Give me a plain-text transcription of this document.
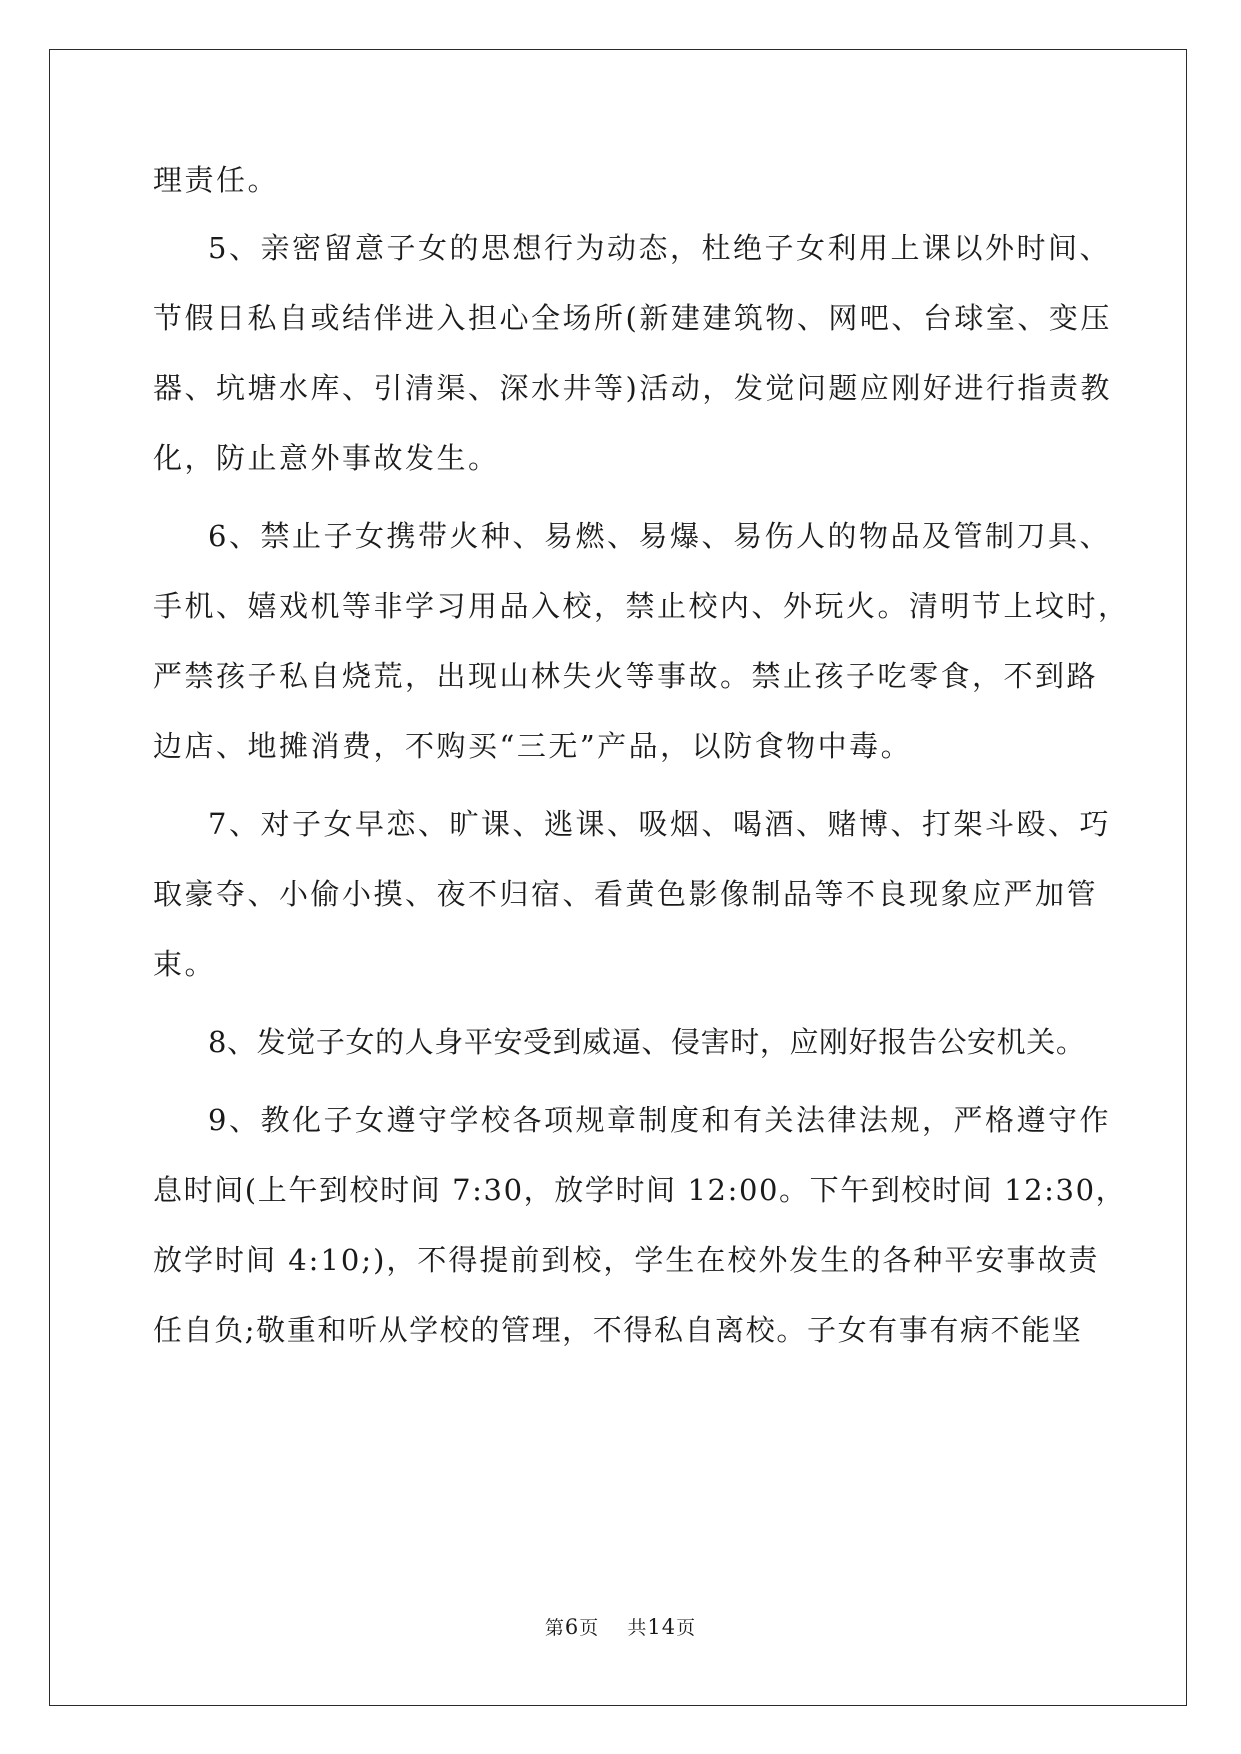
理责任。
5、亲密留意子女的思想行为动态，杜绝子女利用上课以外时间、
节假日私自或结伴进入担心全场所(新建建筑物、网吧、台球室、变压
器、坑塘水库、引清渠、深水井等)活动，发觉问题应刚好进行指责教
化，防止意外事故发生。
6、禁止子女携带火种、易燃、易爆、易伤人的物品及管制刀具、
手机、嬉戏机等非学习用品入校，禁止校内、外玩火。清明节上坟时，
严禁孩子私自烧荒，出现山林失火等事故。禁止孩子吃零食，不到路
边店、地摊消费，不购买“三无”产品，以防食物中毒。
7、对子女早恋、旷课、逃课、吸烟、喝酒、赌博、打架斗殴、巧
取豪夺、小偷小摸、夜不归宿、看黄色影像制品等不良现象应严加管
束。
8、发觉子女的人身平安受到威逼、侵害时，应刚好报告公安机关。
9、教化子女遵守学校各项规章制度和有关法律法规，严格遵守作
息时间(上午到校时间 7:30，放学时间 12:00。下午到校时间 12:30，
放学时间 4:10;)，不得提前到校，学生在校外发生的各种平安事故责
任自负;敬重和听从学校的管理，不得私自离校。子女有事有病不能坚
第6页 共14页
